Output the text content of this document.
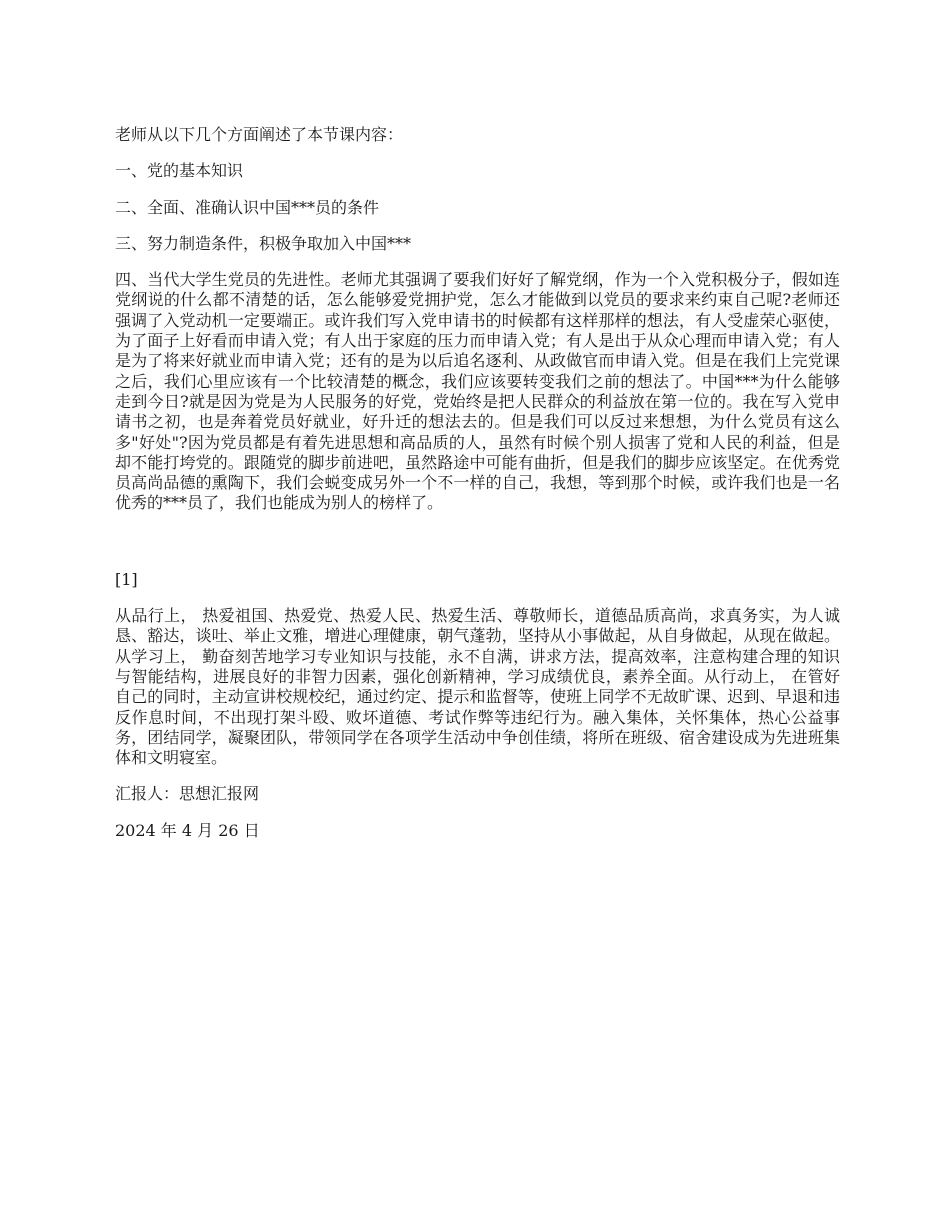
老师从以下几个方面阐述了本节课内容：

一、党的基本知识

二、全面、准确认识中国***员的条件

三、努力制造条件，积极争取加入中国***

四、当代大学生党员的先进性。老师尤其强调了要我们好好了解党纲，作为一个入党积极分子，假如连党纲说的什么都不清楚的话，怎么能够爱党拥护党，怎么才能做到以党员的要求来约束自己呢?老师还强调了入党动机一定要端正。或许我们写入党申请书的时候都有这样那样的想法，有人受虚荣心驱使，为了面子上好看而申请入党；有人出于家庭的压力而申请入党；有人是出于从众心理而申请入党；有人是为了将来好就业而申请入党；还有的是为以后追名逐利、从政做官而申请入党。但是在我们上完党课之后，我们心里应该有一个比较清楚的概念，我们应该要转变我们之前的想法了。中国***为什么能够走到今日?就是因为党是为人民服务的好党，党始终是把人民群众的利益放在第一位的。我在写入党申请书之初，也是奔着党员好就业，好升迁的想法去的。但是我们可以反过来想想，为什么党员有这么多"好处"?因为党员都是有着先进思想和高品质的人，虽然有时候个别人损害了党和人民的利益，但是却不能打垮党的。跟随党的脚步前进吧，虽然路途中可能有曲折，但是我们的脚步应该坚定。在优秀党员高尚品德的熏陶下，我们会蜕变成另外一个不一样的自己，我想，等到那个时候，或许我们也是一名优秀的***员了，我们也能成为别人的榜样了。

[1]

从品行上， 热爱祖国、热爱党、热爱人民、热爱生活、尊敬师长，道德品质高尚，求真务实，为人诚恳、豁达，谈吐、举止文雅，增进心理健康，朝气蓬勃，坚持从小事做起，从自身做起，从现在做起。从学习上， 勤奋刻苦地学习专业知识与技能，永不自满，讲求方法，提高效率，注意构建合理的知识与智能结构，进展良好的非智力因素，强化创新精神，学习成绩优良，素养全面。从行动上， 在管好自己的同时，主动宣讲校规校纪，通过约定、提示和监督等，使班上同学不无故旷课、迟到、早退和违反作息时间，不出现打架斗殴、败坏道德、考试作弊等违纪行为。融入集体，关怀集体，热心公益事务，团结同学，凝聚团队，带领同学在各项学生活动中争创佳绩，将所在班级、宿舍建设成为先进班集体和文明寝室。

汇报人：思想汇报网

2024 年 4 月 26 日
